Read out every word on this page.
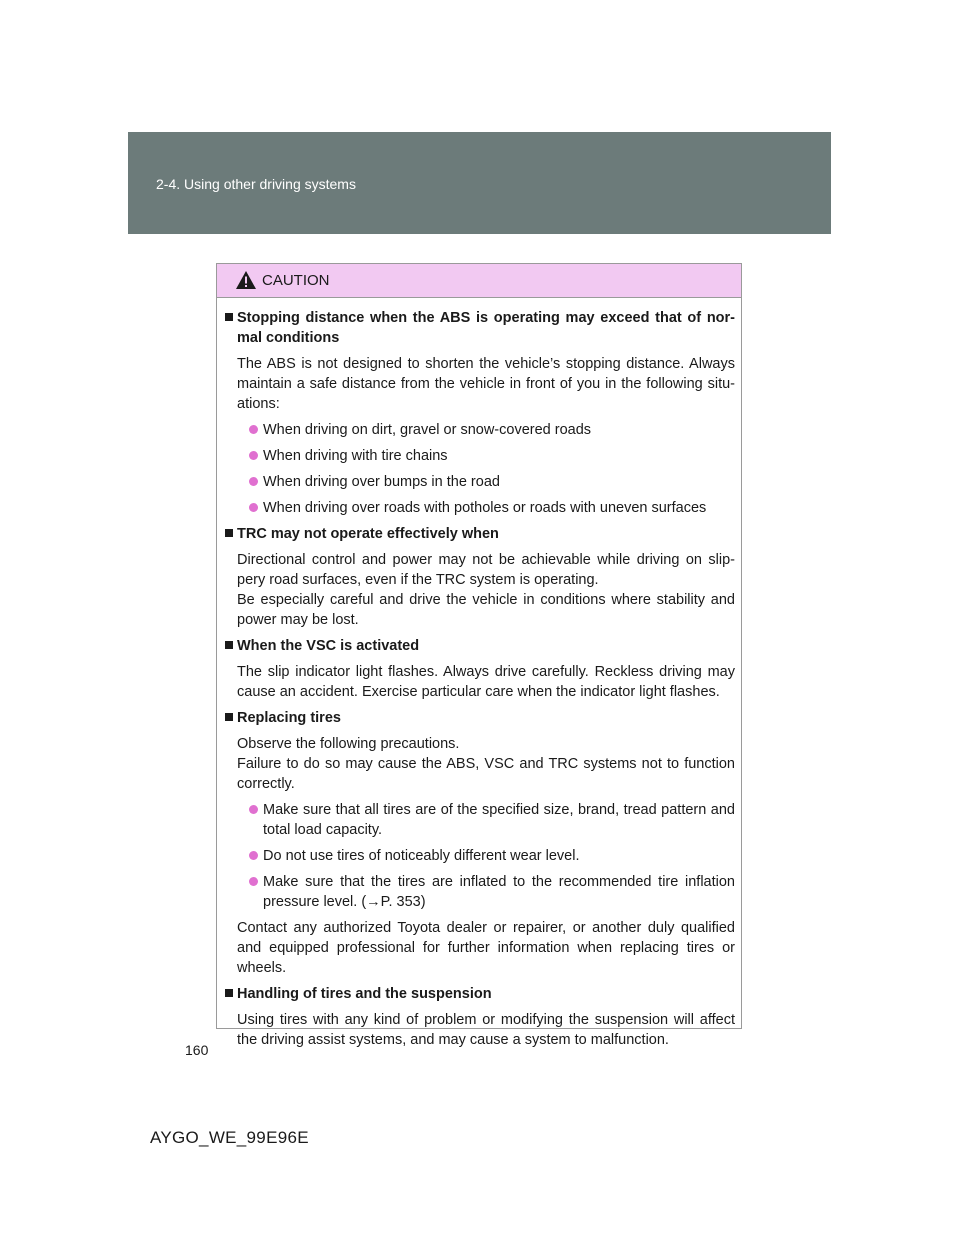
2-4. Using other driving systems
CAUTION
Stopping distance when the ABS is operating may exceed that of nor-mal conditions
The ABS is not designed to shorten the vehicle’s stopping distance. Always maintain a safe distance from the vehicle in front of you in the following situ-ations:
When driving on dirt, gravel or snow-covered roads
When driving with tire chains
When driving over bumps in the road
When driving over roads with potholes or roads with uneven surfaces
TRC may not operate effectively when
Directional control and power may not be achievable while driving on slip-pery road surfaces, even if the TRC system is operating.
Be especially careful and drive the vehicle in conditions where stability and power may be lost.
When the VSC is activated
The slip indicator light flashes. Always drive carefully. Reckless driving may cause an accident. Exercise particular care when the indicator light flashes.
Replacing tires
Observe the following precautions.
Failure to do so may cause the ABS, VSC and TRC systems not to function correctly.
Make sure that all tires are of the specified size, brand, tread pattern and total load capacity.
Do not use tires of noticeably different wear level.
Make sure that the tires are inflated to the recommended tire inflation pressure level. (→P. 353)
Contact any authorized Toyota dealer or repairer, or another duly qualified and equipped professional for further information when replacing tires or wheels.
Handling of tires and the suspension
Using tires with any kind of problem or modifying the suspension will affect the driving assist systems, and may cause a system to malfunction.
160
AYGO_WE_99E96E
